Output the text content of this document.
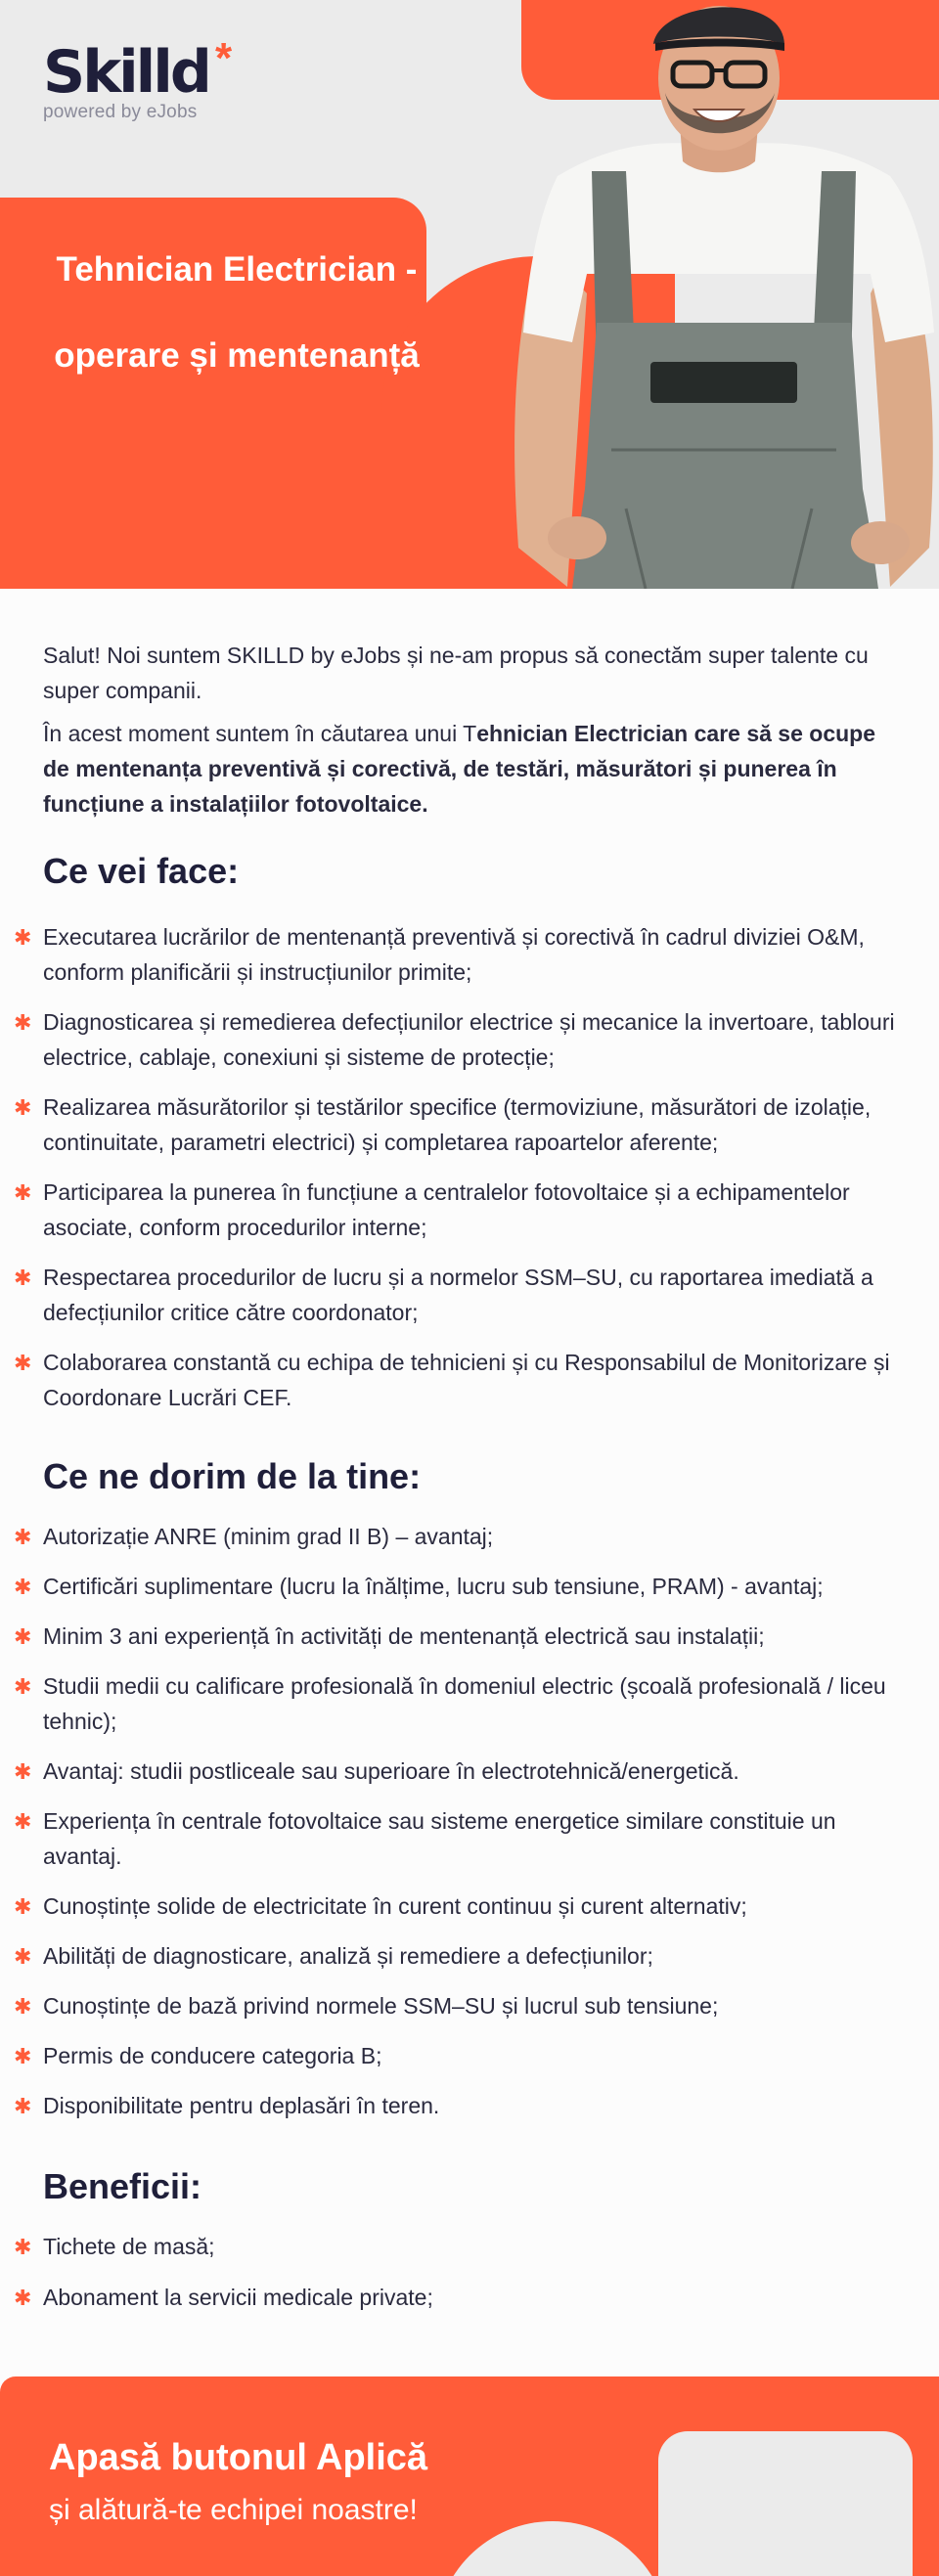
Skilld *
powered by eJobs
Tehnician Electrician -
operare și mentenanță

Salut! Noi suntem SKILLD by eJobs și ne-am propus să conectăm super talente cu super companii.

În acest moment suntem în căutarea unui Tehnician Electrician care să se ocupe de mentenanța preventivă și corectivă, de testări, măsurători și punerea în funcțiune a instalațiilor fotovoltaice.

Ce vei face:
✱ Executarea lucrărilor de mentenanță preventivă și corectivă în cadrul diviziei O&M, conform planificării și instrucțiunilor primite;
✱ Diagnosticarea și remedierea defecțiunilor electrice și mecanice la invertoare, tablouri electrice, cablaje, conexiuni și sisteme de protecție;
✱ Realizarea măsurătorilor și testărilor specifice (termoviziune, măsurători de izolație, continuitate, parametri electrici) și completarea rapoartelor aferente;
✱ Participarea la punerea în funcțiune a centralelor fotovoltaice și a echipamentelor asociate, conform procedurilor interne;
✱ Respectarea procedurilor de lucru și a normelor SSM–SU, cu raportarea imediată a defecțiunilor critice către coordonator;
✱ Colaborarea constantă cu echipa de tehnicieni și cu Responsabilul de Monitorizare și Coordonare Lucrări CEF.
Ce ne dorim de la tine:
✱ Autorizație ANRE (minim grad II B) – avantaj;
✱ Certificări suplimentare (lucru la înălțime, lucru sub tensiune, PRAM) - avantaj;
✱ Minim 3 ani experiență în activități de mentenanță electrică sau instalații;
✱ Studii medii cu calificare profesională în domeniul electric (școală profesională / liceu tehnic);
✱ Avantaj: studii postliceale sau superioare în electrotehnică/energetică.
✱ Experiența în centrale fotovoltaice sau sisteme energetice similare constituie un avantaj.
✱ Cunoștințe solide de electricitate în curent continuu și curent alternativ;
✱ Abilități de diagnosticare, analiză și remediere a defecțiunilor;
✱ Cunoștințe de bază privind normele SSM–SU și lucrul sub tensiune;
✱ Permis de conducere categoria B;
✱ Disponibilitate pentru deplasări în teren.
Beneficii:
✱ Tichete de masă;
✱ Abonament la servicii medicale private;
Apasă butonul Aplică
și alătură-te echipei noastre!
